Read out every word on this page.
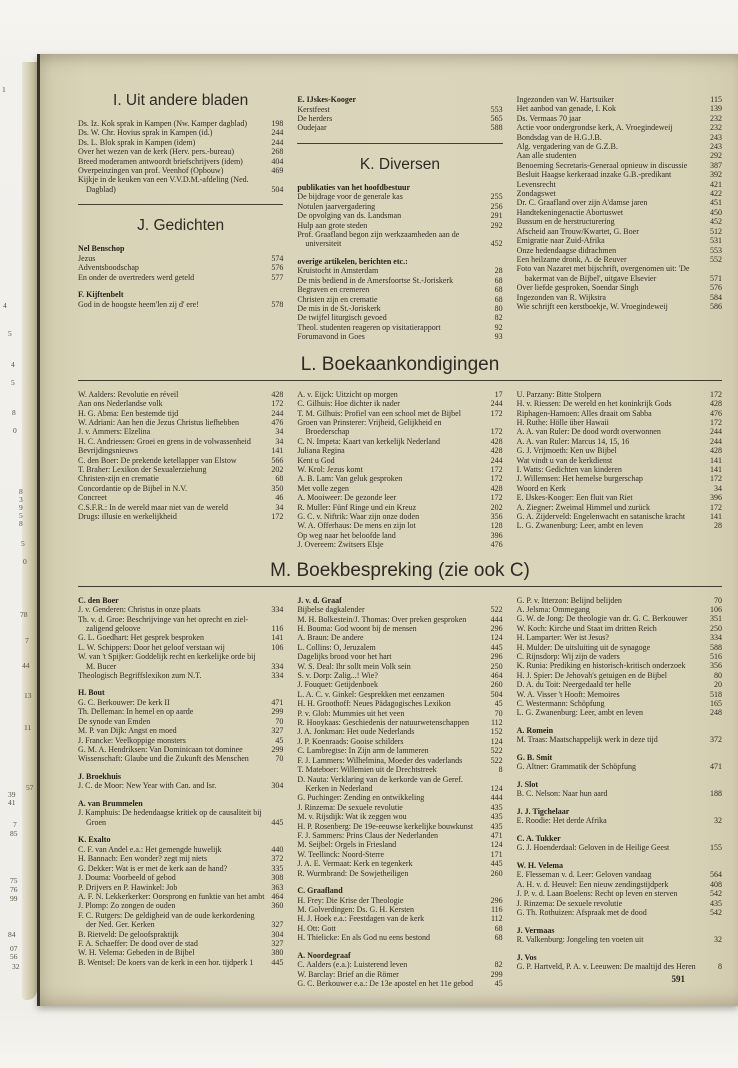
1
4
5
4
5
8
0
8
3
9
5
8
5
0
78
7
44
13
11
57
39
41
7
85
75
76
99
84
07
56
32
I. Uit andere bladen
Ds. Iz. Kok sprak in Kampen (Nw. Kamper dagblad)	198
Ds. W. Chr. Hovius sprak in Kampen (id.)	244
Ds. L. Blok sprak in Kampen (idem)	244
Over het wezen van de kerk (Herv. pers.-bureau)	268
Breed moderamen antwoordt briefschrijvers (idem)	404
Overpeinzingen van prof. Veenhof (Opbouw)	469
Kijkje in de keuken van een V.V.D.M.-afdeling (Ned. Dagblad)	504
J. Gedichten
Nel Benschop
Jezus	574
Adventsboodschap	576
En onder de overtreders werd geteld	577
F. Kijftenbelt
God in de hoogste heem'len zij d' ere!	578
E. IJskes-Kooger
Kerstfeest	553
De herders	565
Oudejaar	588
K. Diversen
publikaties van het hoofdbestuur
De bijdrage voor de generale kas	255
Notulen jaarvergadering	256
De opvolging van ds. Landsman	291
Hulp aan grote steden	292
Prof. Graafland begon zijn werkzaamheden aan de universiteit	452
overige artikelen, berichten etc.:
Kruistocht in Amsterdam	28
De mis bediend in de Amersfoortse St.-Joriskerk	68
Begraven en cremeren	68
Christen zijn en crematie	68
De mis in de St.-Joriskerk	80
De twijfel liturgisch gevoed	82
Theol. studenten reageren op visitatierapport	92
Forumavond in Goes	93
Ingezonden van W. Hartsuiker	115
Het aanbod van genade, I. Kok	139
Ds. Vermaas 70 jaar	232
Actie voor ondergrondse kerk, A. Vroegindeweij	232
Bondsdag van de H.G.J.B.	243
Alg. vergadering van de G.Z.B.	243
Aan alle studenten	292
Benoeming Secretaris-Generaal opnieuw in discussie	387
Besluit Haagse kerkeraad inzake G.B.-predikant	392
Levensrecht	421
Zondagswet	422
Dr. C. Graafland over zijn A'damse jaren	451
Handtekeningenactie Abortuswet	450
Bussum en de herstructurering	452
Afscheid aan Trouw/Kwartet, G. Boer	512
Emigratie naar Zuid-Afrika	531
Onze hedendaagse didrachmen	553
Een heilzame dronk, A. de Reuver	552
Foto van Nazaret met bijschrift, overgenomen uit: 'De bakermat van de Bijbel', uitgave Elsevier	571
Over liefde gesproken, Soendar Singh	576
Ingezonden van R. Wijkstra	584
Wie schrijft een kerstboekje, W. Vroegindeweij	586
L. Boekaankondigingen
W. Aalders: Revolutie en réveil	428
Aan ons Nederlandse volk	172
H. G. Abma: Een bestemde tijd	244
W. Adriani: Aan hen die Jezus Christus liefhebben	476
J. v. Ammers: Elzelina	34
H. C. Andriessen: Groei en grens in de volwassenheid	34
Bevrijdingsnieuws	141
C. den Boer: De prekende ketellapper van Elstow	566
T. Braher: Lexikon der Sexualerziehung	202
Christen-zijn en crematie	68
Concordantie op de Bijbel in N.V.	350
Concreet	46
C.S.F.R.: In de wereld maar niet van de wereld	34
Drugs: illusie en werkelijkheid	172
A. v. Eijck: Uitzicht op morgen	17
C. Gilhuis: Hoe dichter ik nader	244
T. M. Gilhuis: Profiel van een school met de Bijbel	172
Groen van Prinsterer: Vrijheid, Gelijkheid en Broederschap	172
C. N. Impeta: Kaart van kerkelijk Nederland	428
Juliana Regina	428
Kent u God	244
W. Krol: Jezus komt	172
A. B. Lam: Van geluk gesproken	172
Met volle zegen	428
A. Mooiweer: De gezonde leer	172
R. Muller: Fünf Ringe und ein Kreuz	202
G. C. v. Niftrik: Waar zijn onze doden	356
W. A. Offerhaus: De mens en zijn lot	128
Op weg naar het beloofde land	396
J. Overeem: Zwitsers Elsje	476
U. Parzany: Bitte Stolpern	172
H. v. Riessen: De wereld en het koninkrijk Gods	428
Riphagen-Hamoen: Alles draait om Sabba	476
H. Ruthe: Hölle über Hawaii	172
A. A. van Ruler: De dood wordt overwonnen	244
A. A. van Ruler: Marcus 14, 15, 16	244
G. J. Vrijmoeth: Ken uw Bijbel	428
Wat vindt u van de kerkdienst	141
I. Watts: Gedichten van kinderen	141
J. Willemsen: Het hemelse burgerschap	172
Woord en Kerk	34
E. IJskes-Kooger: Een fluit van Riet	396
A. Ziegner: Zweimal Himmel und zurück	172
G. A. Zijderveld: Engelenwacht en satanische kracht	141
L. G. Zwanenburg: Leer, ambt en leven	28
M. Boekbespreking (zie ook C)
C. den Boer
J. v. Genderen: Christus in onze plaats	334
Th. v. d. Groe: Beschrijvinge van het oprecht en ziel-zaligend geloove	116
G. L. Goedhart: Het gesprek besproken	141
L. W. Schippers: Door het geloof verstaan wij	106
W. van 't Spijker: Goddelijk recht en kerkelijke orde bij M. Bucer	334
Theologisch Begriffslexikon zum N.T.	334
H. Bout
G. C. Berkouwer: De kerk II	471
Th. Delleman: In hemel en op aarde	299
De synode van Emden	70
M. P. van Dijk: Angst en moed	327
J. Francke: Veelkoppige monsters	45
G. M. A. Hendriksen: Van Dominicaan tot dominee	299
Wissenschaft: Glaube und die Zukunft des Menschen	70
J. Broekhuis
J. C. de Moor: New Year with Can. and Isr.	304
A. van Brummelen
J. Kamphuis: De hedendaagse kritiek op de causaliteit bij Groen	445
K. Exalto
C. F. van Andel e.a.: Het gemengde huwelijk	440
H. Bannach: Een wonder? zegt mij niets	372
G. Dekker: Wat is er met de kerk aan de hand?	335
J. Douma: Voorbeeld of gebod	308
P. Drijvers en P. Hawinkel: Job	363
A. F. N. Lekkerkerker: Oorsprong en funktie van het ambt 464
J. Plomp: Zo zongen de ouden	360
F. C. Rutgers: De geldigheid van de oude kerkordening der Ned. Ger. Kerken	327
B. Rietveld: De geloofspraktijk	304
F. A. Schaeffer: De dood over de stad	327
W. H. Velema: Gebeden in de Bijbel	380
B. Wentsel: De koers van de kerk in een hor. tijdperk 1	445
J. v. d. Graaf
Bijbelse dagkalender	522
M. H. Bolkestein/J. Thomas: Over preken gesproken	444
H. Bouma: God woont bij de mensen	296
A. Braun: De andere	124
L. Collins: O, Jeruzalem	445
Dagelijks brood voor het hart	296
W. S. Deal: Ihr sollt mein Volk sein	250
S. v. Dorp: Zalig...! Wie?	464
J. Fouquet: Getijdenboek	260
L. A. C. v. Ginkel: Gesprekken met eenzamen	504
H. H. Groothoff: Neues Pädagogisches Lexikon	45
P. v. Glob: Mummies uit het veen	70
R. Hooykaas: Geschiedenis der natuurwetenschappen	112
J. A. Jonkman: Het oude Nederlands	152
J. P. Koenraads: Gooise schilders	124
C. Lambregtse: In Zijn arm de lammeren	522
F. J. Lammers: Wilhelmina, Moeder des vaderlands	522
T. Mateboer: Willemien uit de Drechtstreek	8
D. Nauta: Verklaring van de kerkorde van de Geref. Kerken in Nederland	124
G. Puchinger: Zending en ontwikkeling	444
J. Rinzema: De sexuele revolutie	435
M. v. Rijsdijk: Wat ik zeggen wou	435
H. P. Rosenberg: De 19e-eeuwse kerkelijke bouwkunst	435
F. J. Sammers: Prins Claus der Nederlanden	471
M. Seijbel: Orgels in Friesland	124
W. Teellinck: Noord-Sterre	171
J. A. E. Vermaat: Kerk en tegenkerk	445
R. Wurmbrand: De Sowjetheiligen	260
C. Graafland
H. Frey: Die Krise der Theologie	296
M. Golverdingen: Ds. G. H. Kersten	116
H. J. Hoek e.a.: Feestdagen van de kerk	112
H. Ott: Gott	68
H. Thielicke: En als God nu eens bestond	68
A. Noordegraaf
C. Aalders (e.a.): Luisterend leven	82
W. Barclay: Brief an die Römer	299
G. C. Berkouwer e.a.: De 13e apostel en het 11e gebod	45
G. P. v. Itterzon: Belijnd belijden	70
A. Jelsma: Ommegang	106
G. W. de Jong: De theologie van dr. G. C. Berkouwer	351
W. Koch: Kirche und Staat im dritten Reich	250
H. Lamparter: Wer ist Jesus?	334
H. Mulder: De uitsluiting uit de synagoge	588
C. Rijnsdorp: Wij zijn de vaders	516
K. Runia: Prediking en historisch-kritisch onderzoek	356
H. J. Spier: De Jehovah's getuigen en de Bijbel	80
D. A. du Toit: Neergedaald ter helle	20
W. A. Visser 't Hooft: Memoires	518
C. Westermann: Schöpfung	165
L. G. Zwanenburg: Leer, ambt en leven	248
A. Romein
M. Traas: Maatschappelijk werk in deze tijd	372
G. B. Smit
G. Altner: Grammatik der Schöpfung	471
J. Slot
B. C. Nelson: Naar hun aard	188
J. J. Tigchelaar
E. Roodie: Het derde Afrika	32
C. A. Tukker
G. J. Hoenderdaal: Geloven in de Heilige Geest	155
W. H. Velema
E. Flesseman v. d. Leer: Geloven vandaag	564
A. H. v. d. Heuvel: Een nieuw zendingstijdperk	408
J. P. v. d. Laan Boelens: Recht op leven en sterven	542
J. Rinzema: De sexuele revolutie	435
G. Th. Rothuizen: Afspraak met de dood	542
J. Vermaas
R. Valkenburg: Jongeling ten voeten uit	32
J. Vos
G. P. Hartveld, P. A. v. Leeuwen: De maaltijd des Heren	8
591
